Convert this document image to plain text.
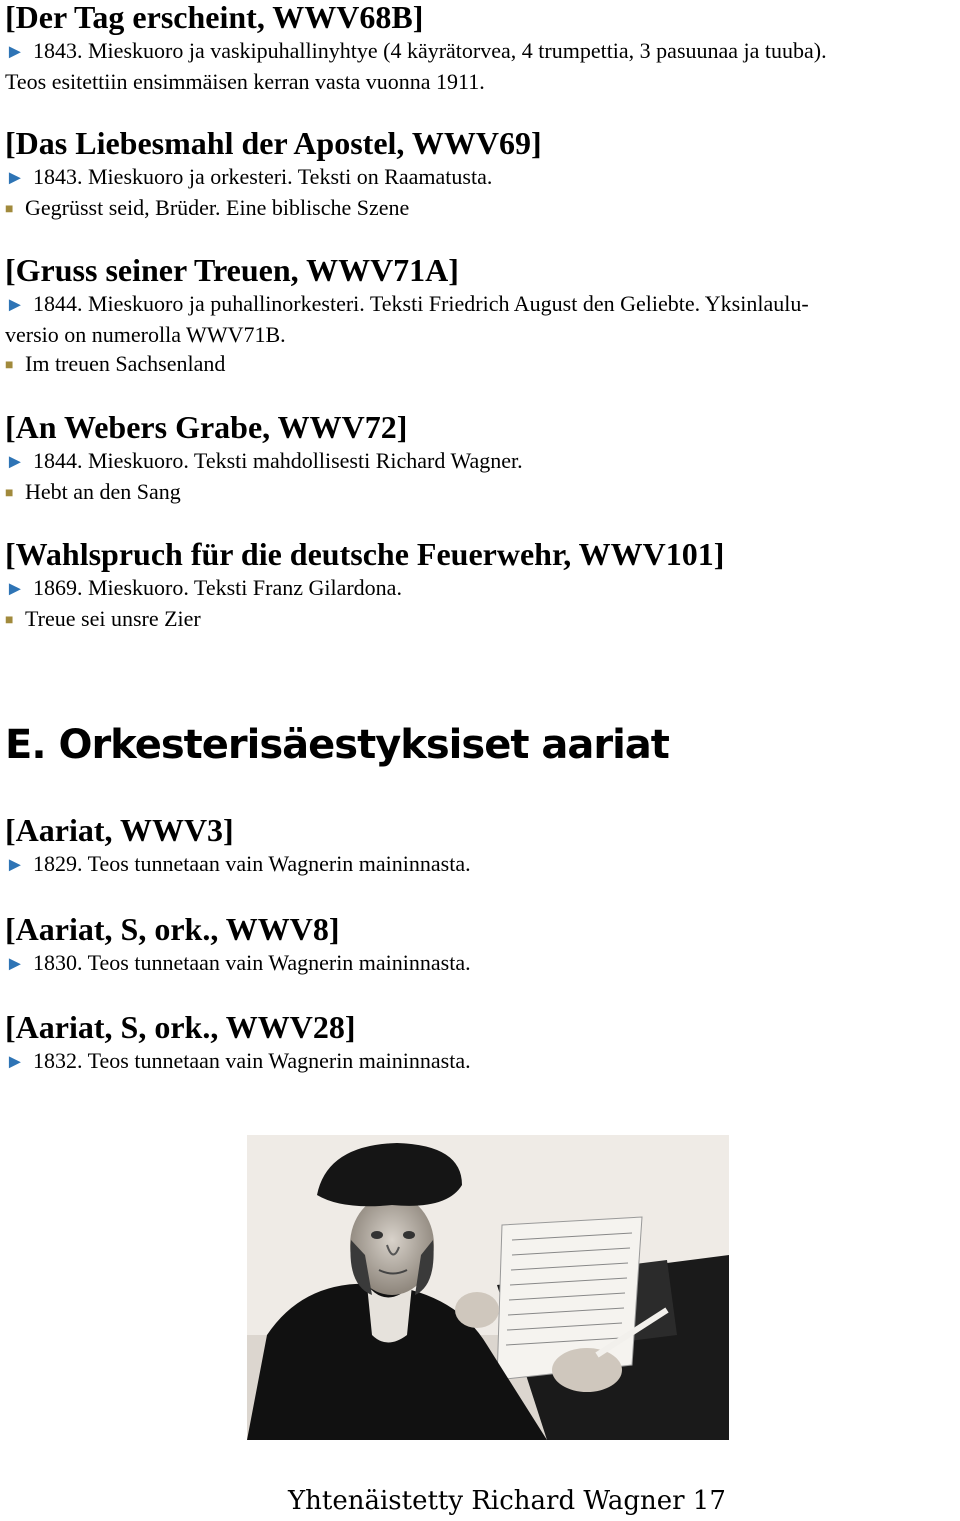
[Der Tag erscheint, WWV68B]

► 1843. Mieskuoro ja vaskipuhallinyhtye (4 käyrätorvea, 4 trumpettia, 3 pasuunaa ja tuuba).

Teos esitettiin ensimmäisen kerran vasta vuonna 1911.

[Das Liebesmahl der Apostel, WWV69]

► 1843. Mieskuoro ja orkesteri. Teksti on Raamatusta.

■ Gegrüsst seid, Brüder. Eine biblische Szene

[Gruss seiner Treuen, WWV71A]

► 1844. Mieskuoro ja puhallinorkesteri. Teksti Friedrich August den Geliebte. Yksinlaulu-

versio on numerolla WWV71B.

■ Im treuen Sachsenland

[An Webers Grabe, WWV72]

► 1844. Mieskuoro. Teksti mahdollisesti Richard Wagner.

■ Hebt an den Sang

[Wahlspruch für die deutsche Feuerwehr, WWV101]

► 1869. Mieskuoro. Teksti Franz Gilardona.

■ Treue sei unsre Zier

E. Orkesterisäestyksiset aariat

[Aariat, WWV3]

► 1829. Teos tunnetaan vain Wagnerin maininnasta.

[Aariat, S, ork., WWV8]

► 1830. Teos tunnetaan vain Wagnerin maininnasta.

[Aariat, S, ork., WWV28]

► 1832. Teos tunnetaan vain Wagnerin maininnasta.

Yhtenäistetty Richard Wagner 17
